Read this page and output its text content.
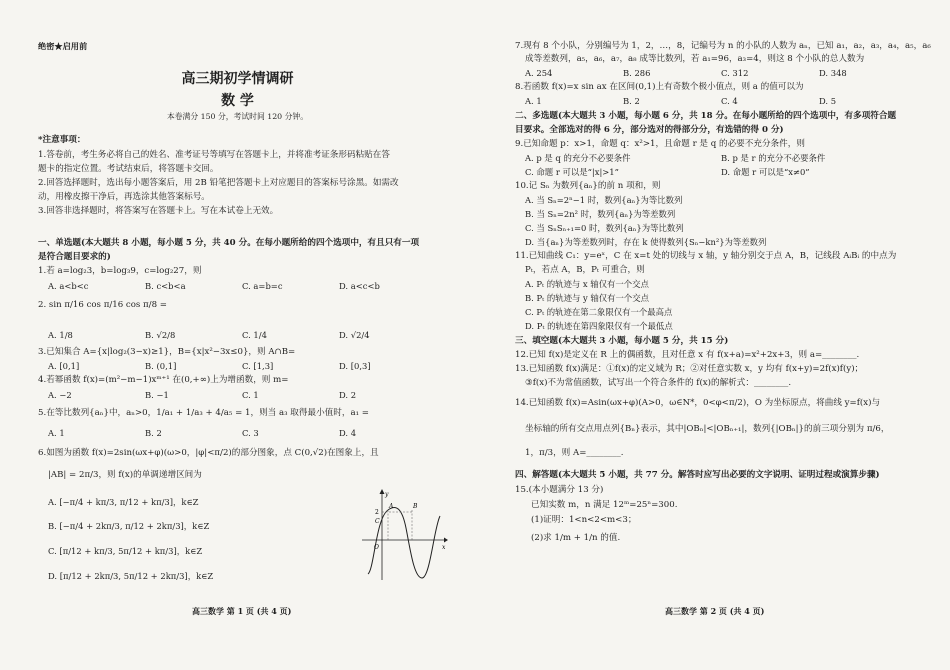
绝密★启用前
高三期初学情调研
数 学
本卷满分 150 分，考试时间 120 分钟。
*注意事项：
1.答卷前，考生务必将自己的姓名、准考证号等填写在答题卡上，并将准考证条形码粘贴在答
题卡的指定位置。考试结束后，将答题卡交回。
2.回答选择题时，选出每小题答案后，用 2B 铅笔把答题卡上对应题目的答案标号涂黑。如需改
动，用橡皮擦干净后，再选涂其他答案标号。
3.回答非选择题时，将答案写在答题卡上。写在本试卷上无效。
一、单选题(本大题共 8 小题，每小题 5 分，共 40 分。在每小题所给的四个选项中，有且只有一项
是符合题目要求的)
1.若 a=log₂3，b=log₃9，c=log₂27，则
A. a<b<c	B. c<b<a	C. a=b=c	D. a<c<b
2. sin π/16 cos π/16 cos π/8 =
A. 1/8	B. √2/8	C. 1/4	D. √2/4
3.已知集合 A={x|log₂(3−x)≥1}，B={x|x²−3x≤0}，则 A∩B=
A. [0,1]	B. (0,1]	C. [1,3]	D. [0,3]
4.若幂函数 f(x)=(m²−m−1)xᵐ⁺¹ 在(0,+∞)上为增函数，则 m=
A. −2	B. −1	C. 1	D. 2
5.在等比数列{aₙ}中，aₙ>0，1/a₁ + 1/a₃ + 4/a₅ = 1，则当 a₃ 取得最小值时，a₁ =
A. 1	B. 2	C. 3	D. 4
6.如图为函数 f(x)=2sin(ωx+φ)(ω>0，|φ|<π/2)的部分图象，点 C(0,√2)在图象上，且
|AB| = 2π/3，则 f(x)的单调递增区间为
A. [−π/4 + kπ/3, π/12 + kπ/3]，k∈Z
B. [−π/4 + 2kπ/3, π/12 + 2kπ/3]，k∈Z
C. [π/12 + kπ/3, 5π/12 + kπ/3]，k∈Z
D. [π/12 + 2kπ/3, 5π/12 + 2kπ/3]，k∈Z
y
x
O
A	B
C
2
高三数学 第 1 页 (共 4 页)
7.现有 8 个小队，分别编号为 1，2，…，8，记编号为 n 的小队的人数为 aₙ，已知 a₁，a₂，a₃，a₄，a₅，a₆
成等差数列，a₅，a₆，a₇，a₈ 成等比数列，若 a₁=96，a₃=4，则这 8 个小队的总人数为
A. 254	B. 286	C. 312	D. 348
8.若函数 f(x)=x sin ax 在区间(0,1)上有奇数个极小值点，则 a 的值可以为
A. 1	B. 2	C. 4	D. 5
二、多选题(本大题共 3 小题，每小题 6 分，共 18 分。在每小题所给的四个选项中，有多项符合题
目要求。全部选对的得 6 分，部分选对的得部分分，有选错的得 0 分)
9.已知命题 p：x>1，命题 q：x²>1，且命题 r 是 q 的必要不充分条件，则
A. p 是 q 的充分不必要条件	B. p 是 r 的充分不必要条件
C. 命题 r 可以是“|x|>1”	D. 命题 r 可以是“x≠0”
10.记 Sₙ 为数列{aₙ}的前 n 项和，则
A. 当 Sₙ=2ⁿ−1 时，数列{aₙ}为等比数列
B. 当 Sₙ=2n² 时，数列{aₙ}为等差数列
C. 当 SₙSₙ₊₁=0 时，数列{aₙ}为等比数列
D. 当{aₙ}为等差数列时，存在 k 使得数列{Sₙ−kn²}为等差数列
11.已知曲线 C₁：y=eˣ，C 在 x=t 处的切线与 x 轴，y 轴分别交于点 A，B，记线段 AᵢBᵢ 的中点为
Pₜ，若点 A，B，Pₜ 可重合，则
A. Pₜ 的轨迹与 x 轴仅有一个交点
B. Pₜ 的轨迹与 y 轴仅有一个交点
C. Pₜ 的轨迹在第二象限仅有一个最高点
D. Pₜ 的轨迹在第四象限仅有一个最低点
三、填空题(本大题共 3 小题，每小题 5 分，共 15 分)
12.已知 f(x)是定义在 R 上的偶函数，且对任意 x 有 f(x+a)=x²+2x+3，则 a=________.
13.已知函数 f(x)满足：①f(x)的定义域为 R；②对任意实数 x，y 均有 f(x+y)=2f(x)f(y)；
③f(x)不为常值函数，试写出一个符合条件的 f(x)的解析式：________.
14.已知函数 f(x)=Asin(ωx+φ)(A>0，ω∈N*，0<φ<π/2)，O 为坐标原点，将曲线 y=f(x)与
坐标轴的所有交点用点列{Bₙ}表示，其中|OBₙ|<|OBₙ₊₁|，数列{|OBₙ|}的前三项分别为 π/6，
1，π/3，则 A=________.
四、解答题(本大题共 5 小题，共 77 分。解答时应写出必要的文字说明、证明过程或演算步骤)
15.(本小题满分 13 分)
已知实数 m，n 满足 12ᵐ=25ⁿ=300.
(1)证明：1<n<2<m<3；
(2)求 1/m + 1/n 的值.
高三数学 第 2 页 (共 4 页)
